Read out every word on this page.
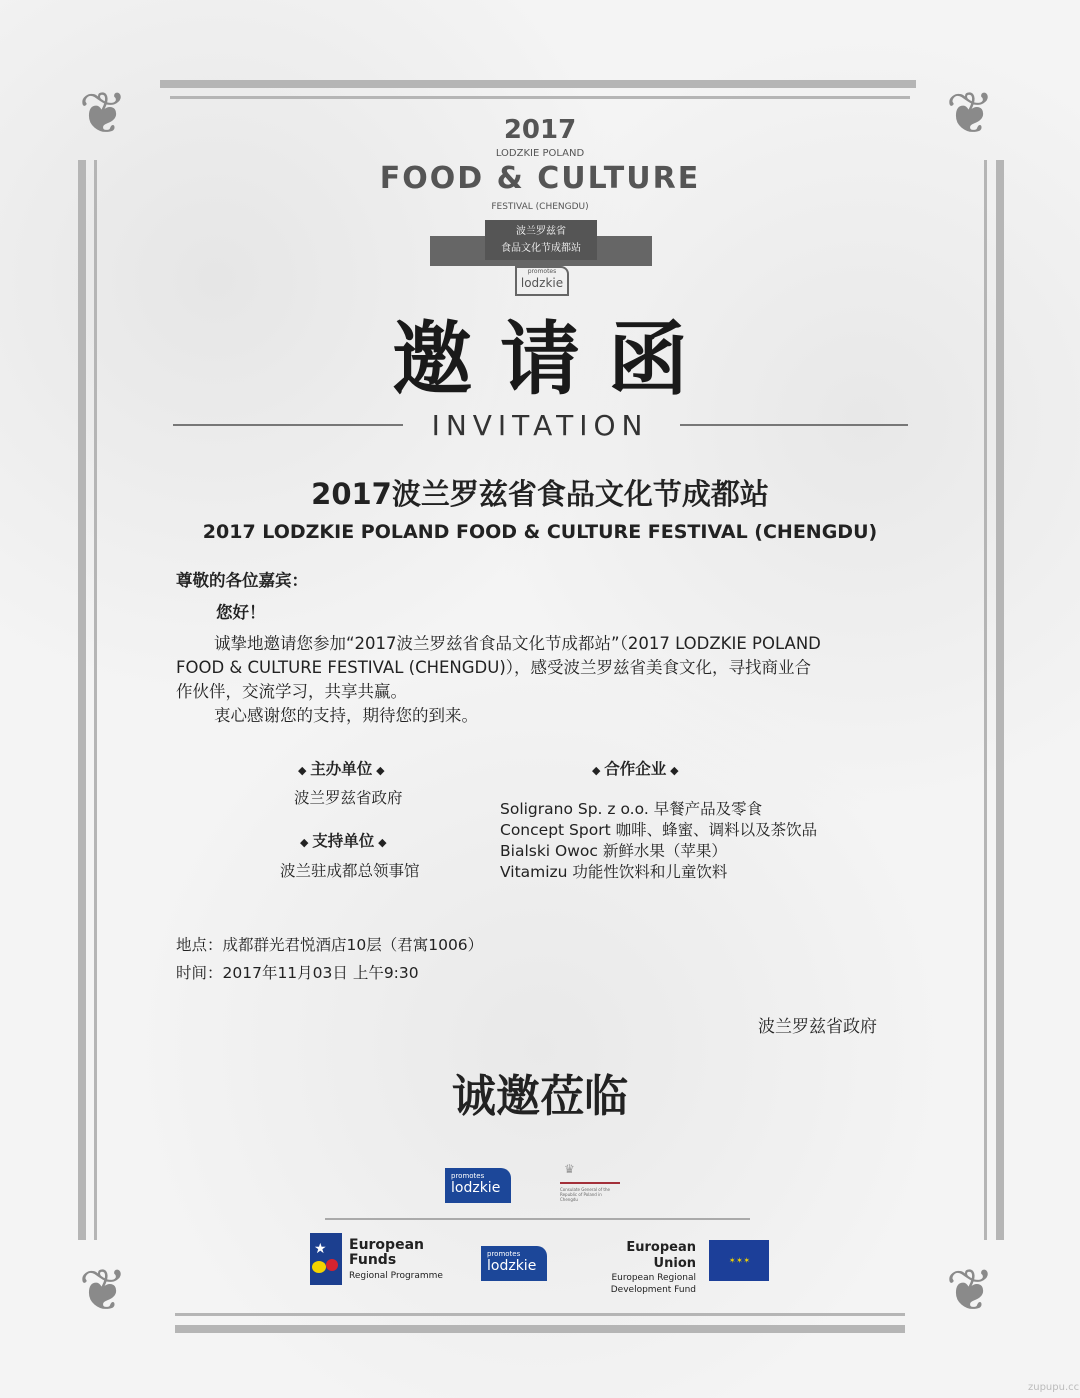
❦	❦
❦	❦
2017
LODZKIE POLAND
FOOD & CULTURE
FESTIVAL (CHENGDU)
波兰罗兹省
食品文化节成都站
promotes
lodzkie
邀 请 函
INVITATION
2017波兰罗兹省食品文化节成都站
2017 LODZKIE POLAND FOOD & CULTURE FESTIVAL (CHENGDU)
尊敬的各位嘉宾：
您好！
诚挚地邀请您参加“2017波兰罗兹省食品文化节成都站”（2017 LODZKIE POLAND
FOOD & CULTURE FESTIVAL (CHENGDU)），感受波兰罗兹省美食文化，寻找商业合
作伙伴，交流学习，共享共赢。
衷心感谢您的支持，期待您的到来。
◆ 主办单位 ◆
波兰罗兹省政府
◆ 支持单位 ◆
波兰驻成都总领事馆
◆ 合作企业 ◆
Soligrano Sp. z o.o. 早餐产品及零食
Concept Sport 咖啡、蜂蜜、调料以及茶饮品
Bialski Owoc 新鲜水果（苹果）
Vitamizu 功能性饮料和儿童饮料
地点：成都群光君悦酒店10层（君寓1006）
时间：2017年11月03日 上午9:30
波兰罗兹省政府
诚邀莅临
promotes
lodzkie
♛
Consulate General of the Republic of Poland in Chengdu
★ European
Funds
Regional Programme
promotes
lodzkie
European Union
European Regional
Development Fund
✶ ✶ ✶
zupupu.cc
